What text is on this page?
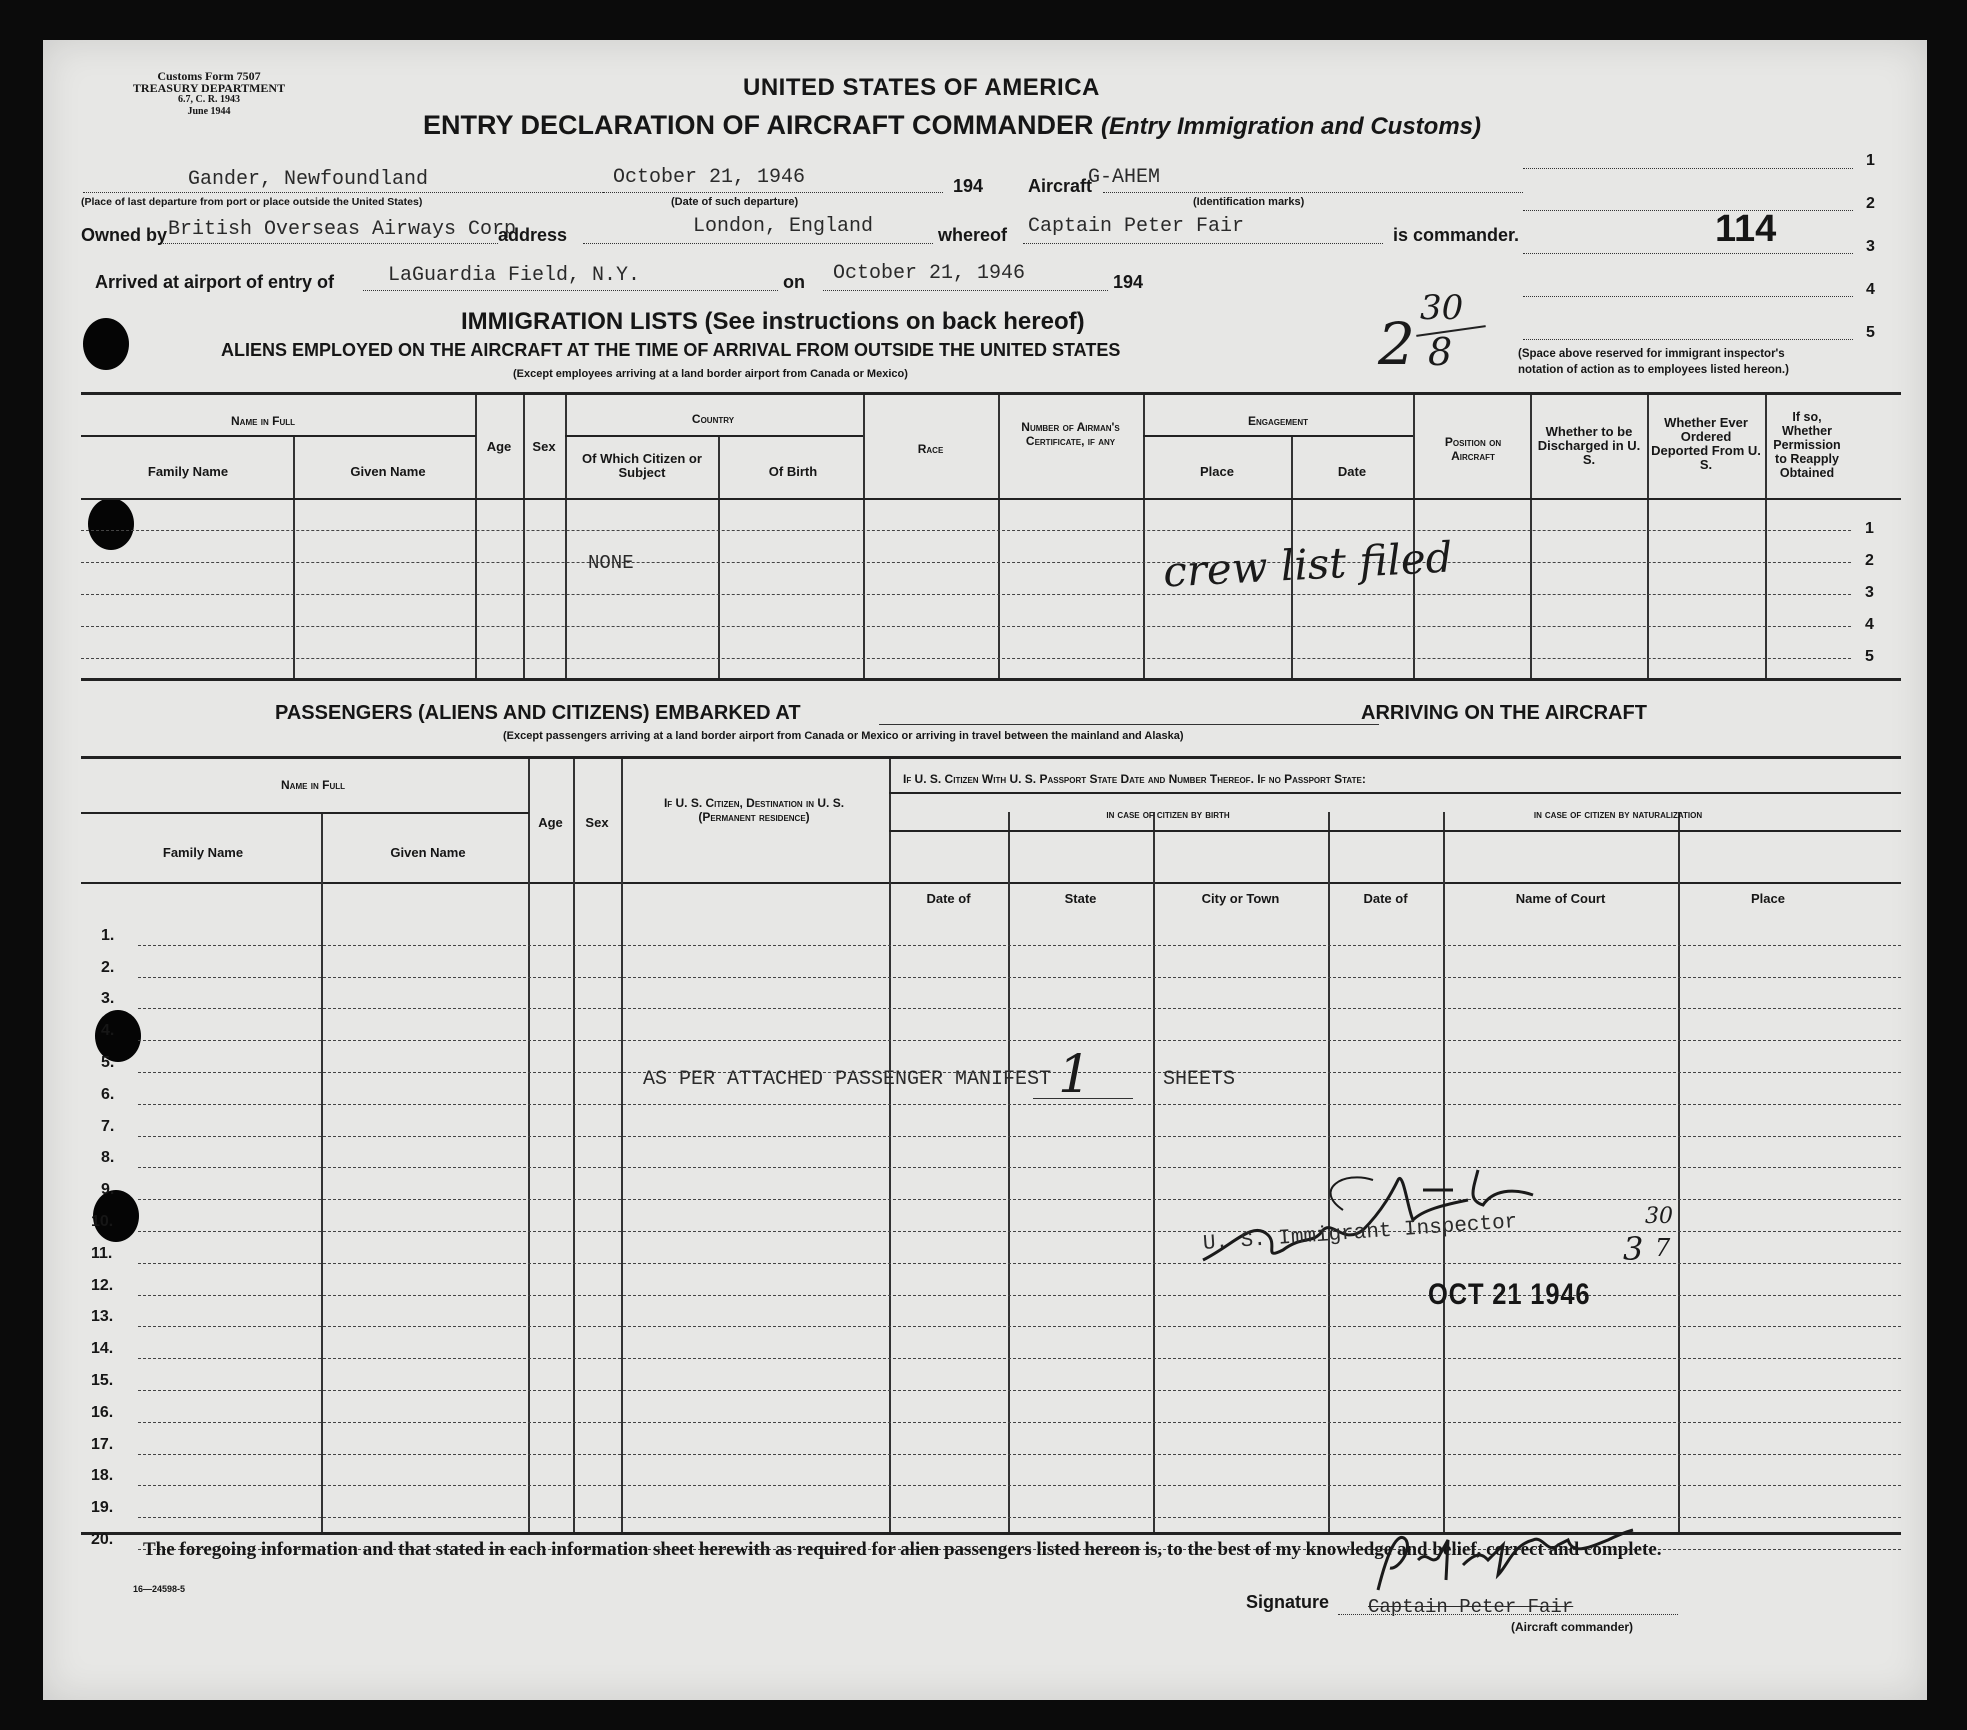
Customs Form 7507
TREASURY DEPARTMENT
6.7, C. R. 1943
June 1944
UNITED STATES OF AMERICA
ENTRY DECLARATION OF AIRCRAFT COMMANDER (Entry Immigration and Customs)
Gander, Newfoundland
(Place of last departure from port or place outside the United States)
October 21, 1946
(Date of such departure)
194 Aircraft
G-AHEM
(Identification marks)
Owned by British Overseas Airways Corp
address	London, England	whereof Captain Peter Fair	is commander.	114
Arrived at airport of entry of	LaGuardia Field, N.Y.	on October 21, 1946	194
1
2
3
4
5
(Space above reserved for immigrant inspector's
notation of action as to employees listed hereon.)
IMMIGRATION LISTS (See instructions on back hereof)
ALIENS EMPLOYED ON THE AIRCRAFT AT THE TIME OF ARRIVAL FROM OUTSIDE THE UNITED STATES
(Except employees arriving at a land border airport from Canada or Mexico)	2
30
8
Name in Full
Family Name	Given Name
Age	Sex
Country
Of Which Citizen or Subject	Of Birth
Race
Number of Airman's Certificate, if any
Engagement
Place	Date
Position on Aircraft
Whether to be Discharged in U. S.
Whether Ever Ordered Deported From U. S.
If so, Whether Permission to Reapply Obtained
1
2
3
4
5
NONE	crew list filed
PASSENGERS (ALIENS AND CITIZENS) EMBARKED AT	ARRIVING ON THE AIRCRAFT
(Except passengers arriving at a land border airport from Canada or Mexico or arriving in travel between the mainland and Alaska)
Name in Full
Family Name	Given Name
Age	Sex
If U. S. Citizen, Destination in U. S. (Permanent residence)
If U. S. Citizen With U. S. Passport State Date and Number Thereof. If no Passport State:
in case of citizen by birth	in case of citizen by naturalization
Date of	State	City or Town	Date of	Name of Court	Place
1.
2.
3.
4.
5.
6.
7.
8.
9.
10.
11.
12.
13.
14.
15.
16.
17.
18.
19.
20.
AS PER ATTACHED PASSENGER MANIFEST 1	SHEETS
U. S. Immigrant Inspector	3
30
7
OCT 21 1946
The foregoing information and that stated in each information sheet herewith as required for alien passengers listed hereon is, to the best of my knowledge and belief, correct and complete.
16—24598-5
Signature Captain Peter Fair
(Aircraft commander)
